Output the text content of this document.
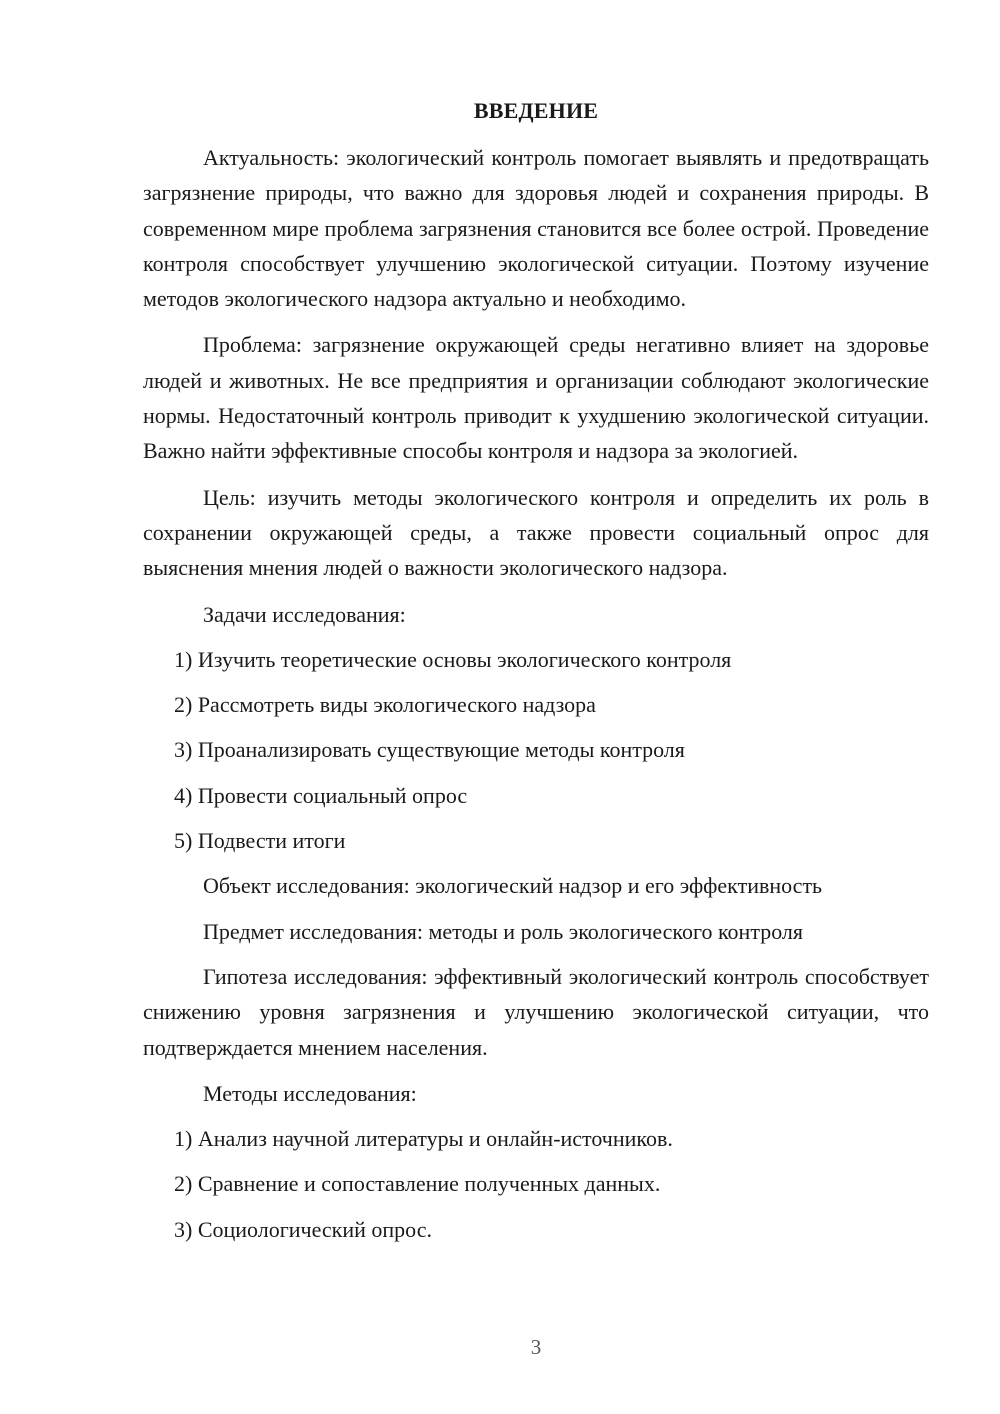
ВВЕДЕНИЕ

Актуальность: экологический контроль помогает выявлять и предотвращать загрязнение природы, что важно для здоровья людей и сохранения природы. В современном мире проблема загрязнения становится все более острой. Проведение контроля способствует улучшению экологической ситуации. Поэтому изучение методов экологического надзора актуально и необходимо.

Проблема: загрязнение окружающей среды негативно влияет на здоровье людей и животных. Не все предприятия и организации соблюдают экологические нормы. Недостаточный контроль приводит к ухудшению экологической ситуации. Важно найти эффективные способы контроля и надзора за экологией.

Цель: изучить методы экологического контроля и определить их роль в сохранении окружающей среды, а также провести социальный опрос для выяснения мнения людей о важности экологического надзора.

Задачи исследования:
1) Изучить теоретические основы экологического контроля
2) Рассмотреть виды экологического надзора
3) Проанализировать существующие методы контроля
4) Провести социальный опрос
5) Подвести итоги
Объект исследования: экологический надзор и его эффективность
Предмет исследования: методы и роль экологического контроля

Гипотеза исследования: эффективный экологический контроль способствует снижению уровня загрязнения и улучшению экологической ситуации, что подтверждается мнением населения.

Методы исследования:
1) Анализ научной литературы и онлайн-источников.
2) Сравнение и сопоставление полученных данных.
3) Социологический опрос.
3
